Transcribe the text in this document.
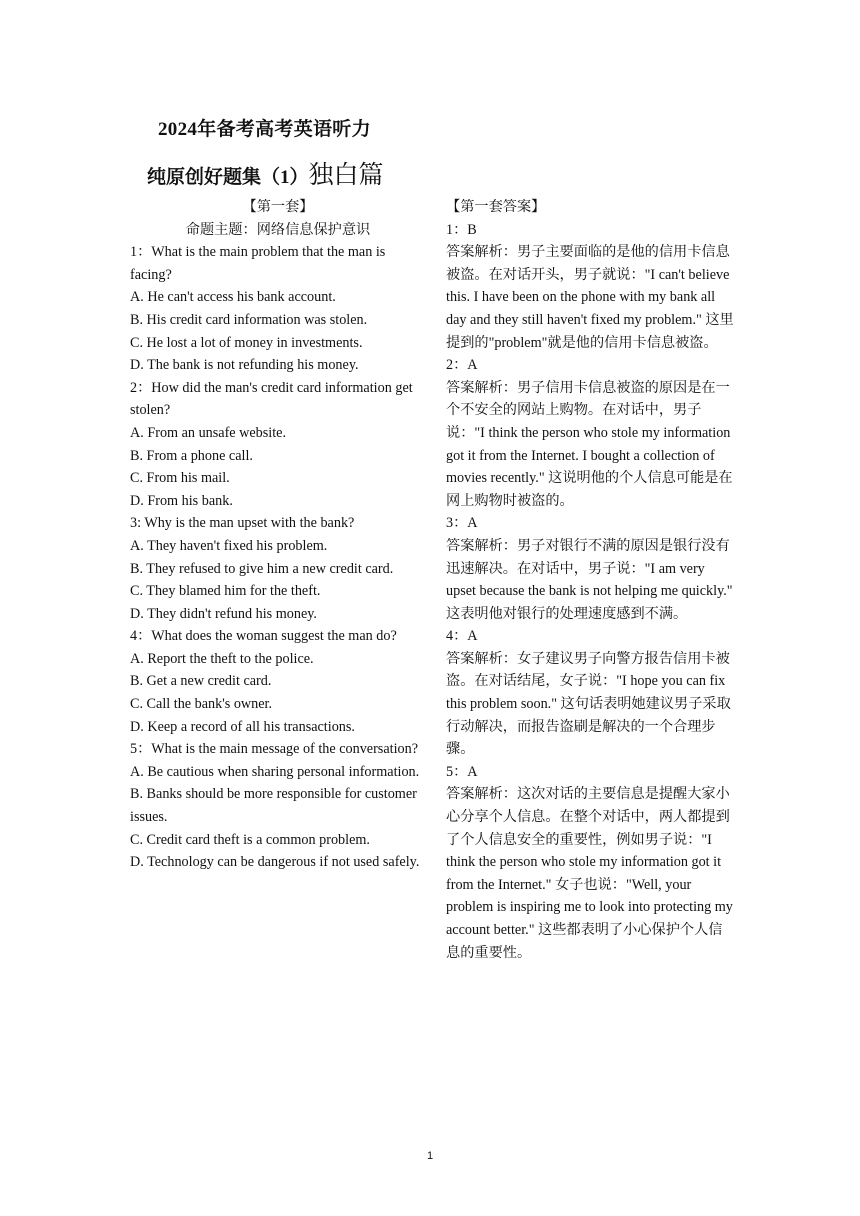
2024年备考高考英语听力
纯原创好题集（1）独白篇
【第一套】
命题主题：网络信息保护意识
1：What is the main problem that the man is facing?
A. He can't access his bank account.
B. His credit card information was stolen.
C. He lost a lot of money in investments.
D. The bank is not refunding his money.
2：How did the man's credit card information get stolen?
A. From an unsafe website.
B. From a phone call.
C. From his mail.
D. From his bank.
3: Why is the man upset with the bank?
A. They haven't fixed his problem.
B. They refused to give him a new credit card.
C. They blamed him for the theft.
D. They didn't refund his money.
4：What does the woman suggest the man do?
A. Report the theft to the police.
B. Get a new credit card.
C. Call the bank's owner.
D. Keep a record of all his transactions.
5：What is the main message of the conversation?
A. Be cautious when sharing personal information.
B. Banks should be more responsible for customer issues.
C. Credit card theft is a common problem.
D. Technology can be dangerous if not used safely.
【第一套答案】
1：B
答案解析：男子主要面临的是他的信用卡信息被盗。在对话开头，男子就说："I can't believe this. I have been on the phone with my bank all day and they still haven't fixed my problem." 这里提到的"problem"就是他的信用卡信息被盗。
2：A
答案解析：男子信用卡信息被盗的原因是在一个不安全的网站上购物。在对话中，男子说："I think the person who stole my information got it from the Internet. I bought a collection of movies recently." 这说明他的个人信息可能是在网上购物时被盗的。
3：A
答案解析：男子对银行不满的原因是银行没有迅速解决。在对话中，男子说："I am very upset because the bank is not helping me quickly." 这表明他对银行的处理速度感到不满。
4：A
答案解析：女子建议男子向警方报告信用卡被盗。在对话结尾，女子说："I hope you can fix this problem soon." 这句话表明她建议男子采取行动解决，而报告盗刷是解决的一个合理步骤。
5：A
答案解析：这次对话的主要信息是提醒大家小心分享个人信息。在整个对话中，两人都提到了个人信息安全的重要性，例如男子说："I think the person who stole my information got it from the Internet." 女子也说："Well, your problem is inspiring me to look into protecting my account better." 这些都表明了小心保护个人信息的重要性。
1
